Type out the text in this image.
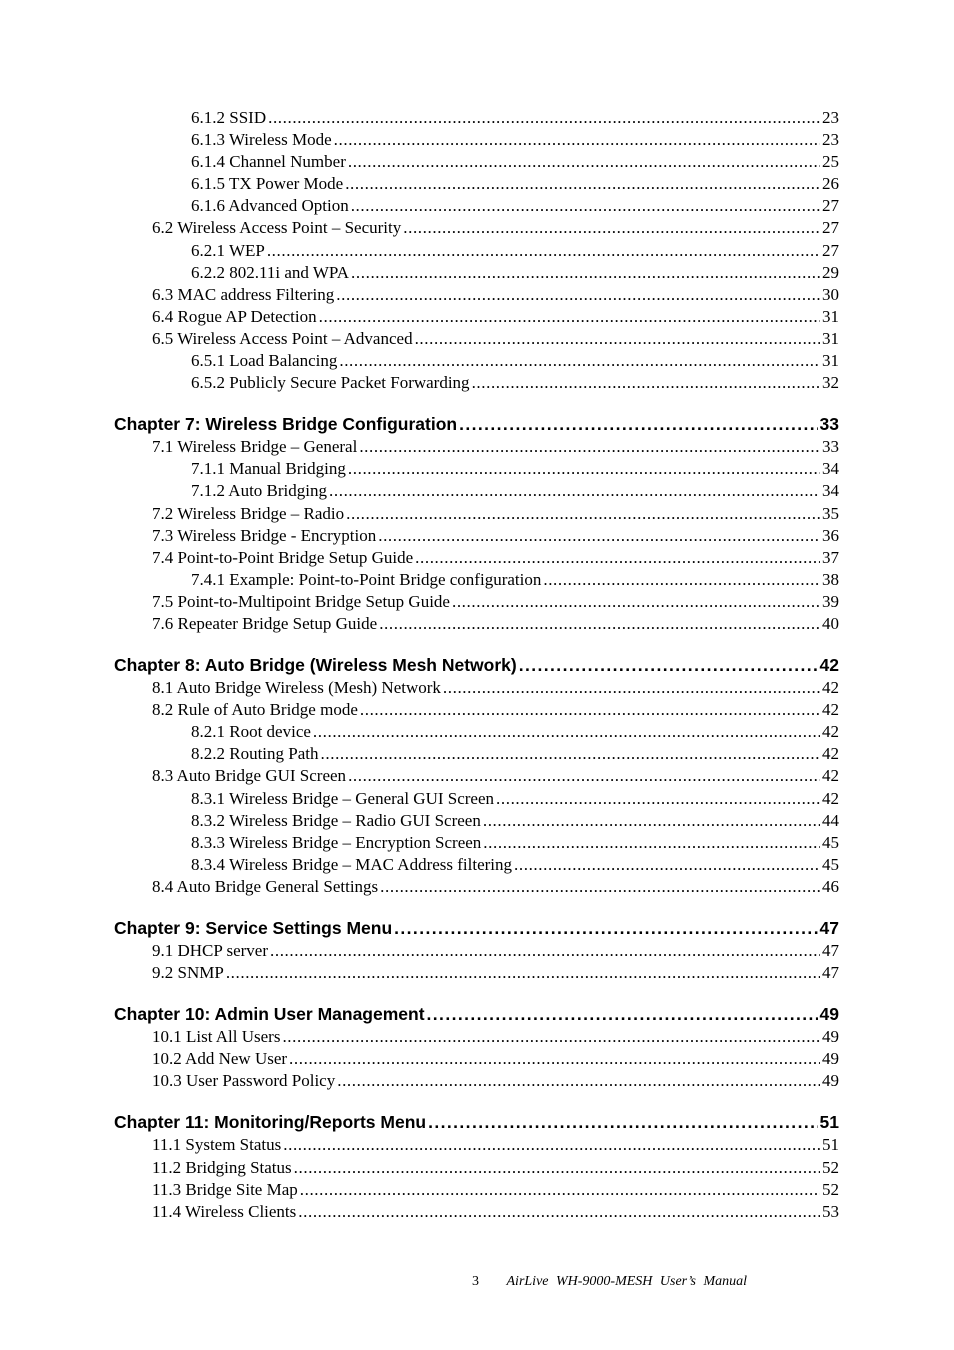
6.1.2 SSID .....	23
6.1.3 Wireless Mode .....	23
6.1.4 Channel Number .....	25
6.1.5 TX Power Mode .....	26
6.1.6 Advanced Option .....	27
6.2 Wireless Access Point – Security .....	27
6.2.1 WEP .....	27
6.2.2 802.11i and WPA .....	29
6.3 MAC address Filtering .....	30
6.4 Rogue AP Detection .....	31
6.5 Wireless Access Point – Advanced .....	31
6.5.1 Load Balancing .....	31
6.5.2 Publicly Secure Packet Forwarding .....	32
Chapter 7: Wireless Bridge Configuration .....	33
7.1 Wireless Bridge – General .....	33
7.1.1 Manual Bridging .....	34
7.1.2 Auto Bridging .....	34
7.2 Wireless Bridge – Radio .....	35
7.3 Wireless Bridge - Encryption .....	36
7.4 Point-to-Point Bridge Setup Guide .....	37
7.4.1 Example: Point-to-Point Bridge configuration .....	38
7.5 Point-to-Multipoint Bridge Setup Guide .....	39
7.6 Repeater Bridge Setup Guide .....	40
Chapter 8: Auto Bridge (Wireless Mesh Network) .....	42
8.1 Auto Bridge Wireless (Mesh) Network .....	42
8.2 Rule of Auto Bridge mode .....	42
8.2.1 Root device .....	42
8.2.2 Routing Path .....	42
8.3 Auto Bridge GUI Screen .....	42
8.3.1 Wireless Bridge – General GUI Screen .....	42
8.3.2 Wireless Bridge – Radio GUI Screen .....	44
8.3.3 Wireless Bridge – Encryption Screen .....	45
8.3.4 Wireless Bridge – MAC Address filtering .....	45
8.4 Auto Bridge General Settings .....	46
Chapter 9: Service Settings Menu .....	47
9.1 DHCP server .....	47
9.2 SNMP .....	47
Chapter 10: Admin User Management .....	49
10.1 List All Users .....	49
10.2 Add New User .....	49
10.3 User Password Policy .....	49
Chapter 11: Monitoring/Reports Menu .....	51
11.1 System Status .....	51
11.2 Bridging Status .....	52
11.3 Bridge Site Map .....	52
11.4 Wireless Clients .....	53
3 AirLive WH-9000-MESH User’s Manual
